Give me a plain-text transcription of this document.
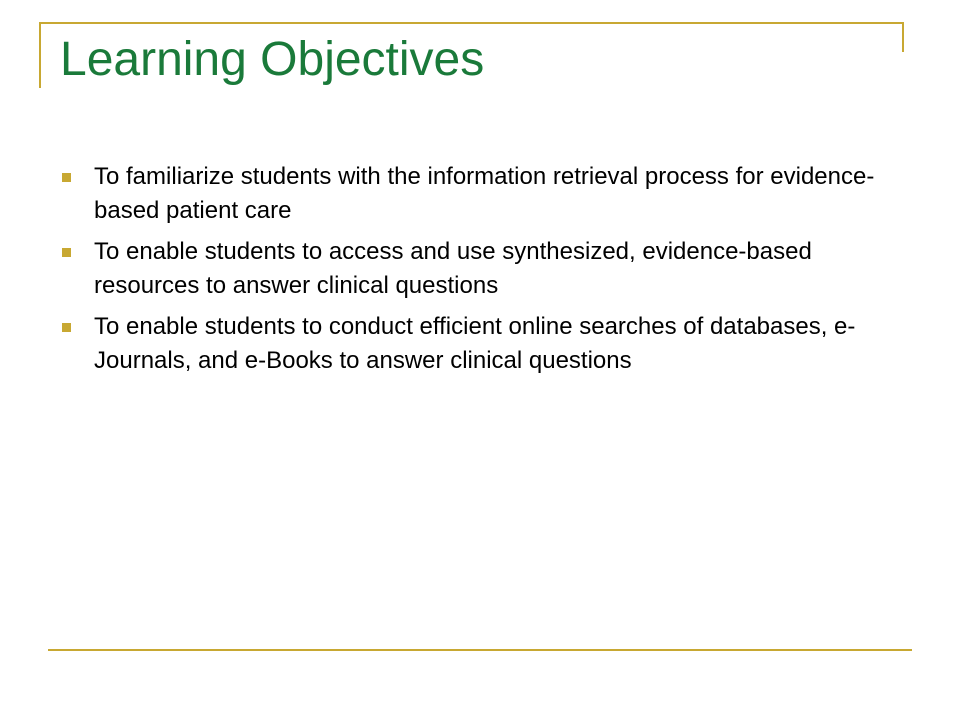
Learning Objectives
To familiarize students with the information retrieval process for evidence-based patient care
To enable students to access and use synthesized, evidence-based resources to answer clinical questions
To enable students to conduct efficient online searches of databases, e-Journals, and e-Books to answer clinical questions
